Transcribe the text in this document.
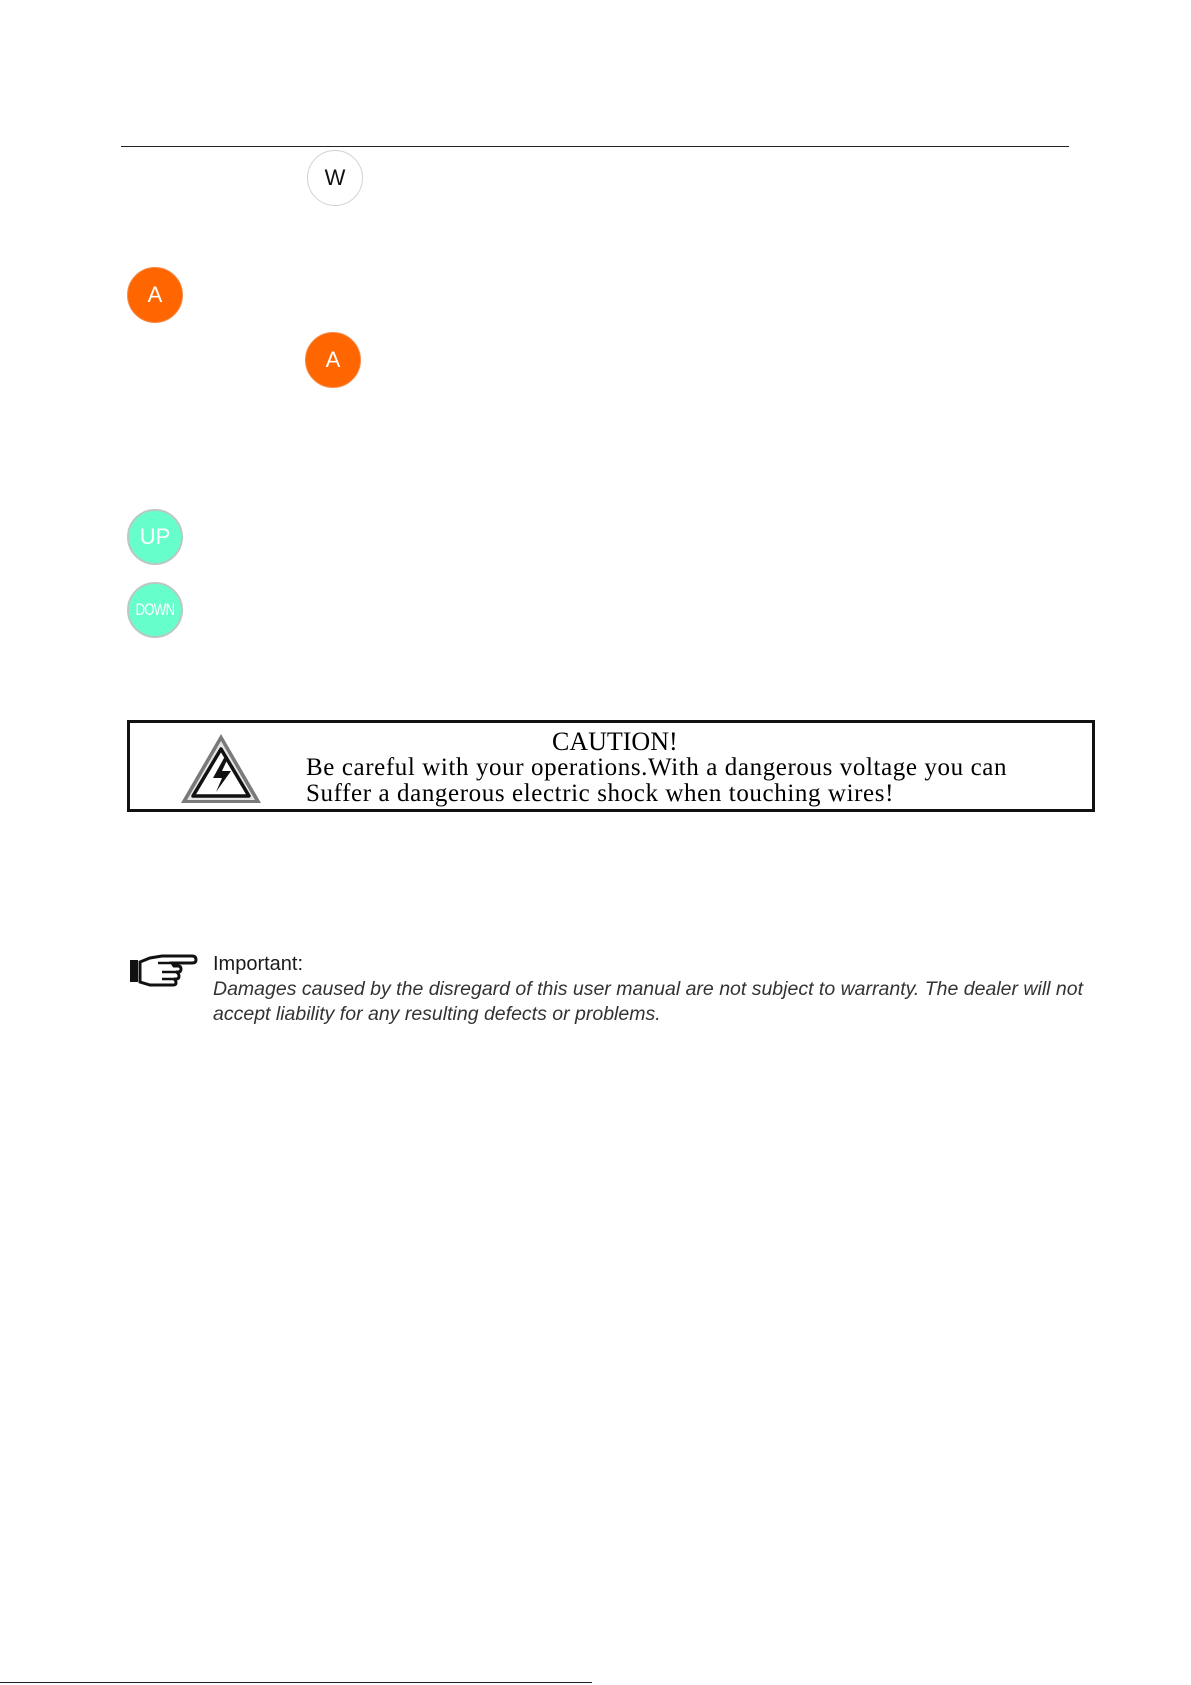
W
A
A
UP
DOWN
CAUTION!
Be careful with your operations.With a dangerous voltage you can
Suffer a dangerous electric shock when touching wires!
Important:
Damages caused by the disregard of this user manual are not subject to warranty. The dealer will not accept liability for any resulting defects or problems.
